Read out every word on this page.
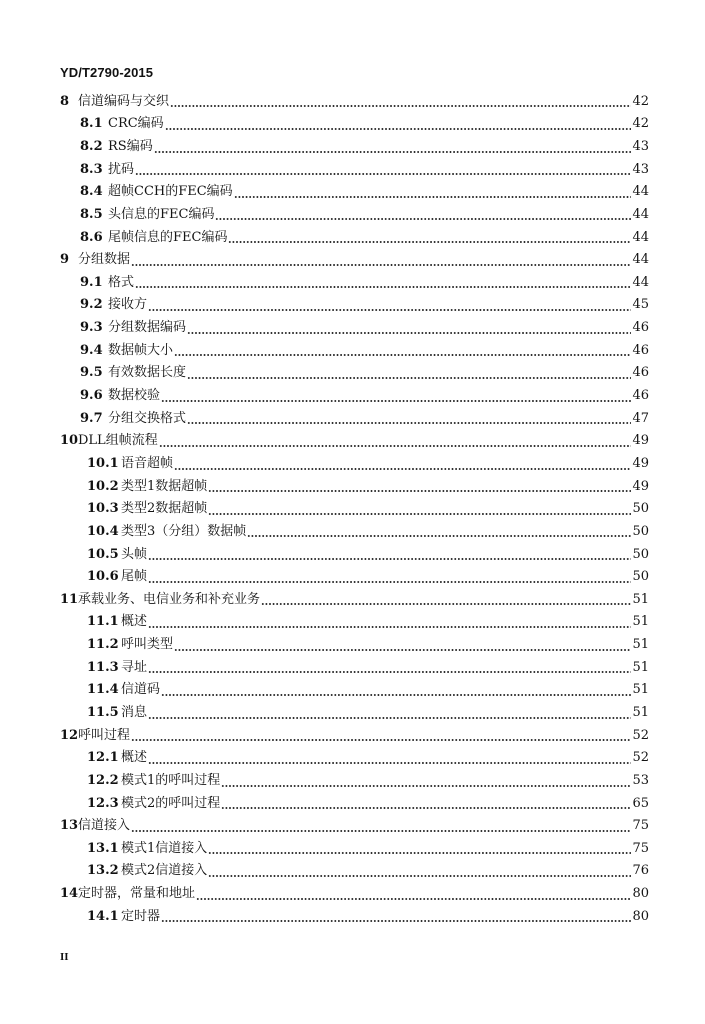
YD/T2790-2015
8 信道编码与交织	42
8.1 CRC编码	42
8.2 RS编码	43
8.3 扰码	43
8.4 超帧CCH的FEC编码	44
8.5 头信息的FEC编码	44
8.6 尾帧信息的FEC编码	44
9 分组数据	44
9.1 格式	44
9.2 接收方	45
9.3 分组数据编码	46
9.4 数据帧大小	46
9.5 有效数据长度	46
9.6 数据校验	46
9.7 分组交换格式	47
10 DLL组帧流程	49
10.1 语音超帧	49
10.2 类型1数据超帧	49
10.3 类型2数据超帧	50
10.4 类型3（分组）数据帧	50
10.5 头帧	50
10.6 尾帧	50
11 承载业务、电信业务和补充业务	51
11.1 概述	51
11.2 呼叫类型	51
11.3 寻址	51
11.4 信道码	51
11.5 消息	51
12 呼叫过程	52
12.1 概述	52
12.2 模式1的呼叫过程	53
12.3 模式2的呼叫过程	65
13 信道接入	75
13.1 模式1信道接入	75
13.2 模式2信道接入	76
14 定时器，常量和地址	80
14.1 定时器	80
II
